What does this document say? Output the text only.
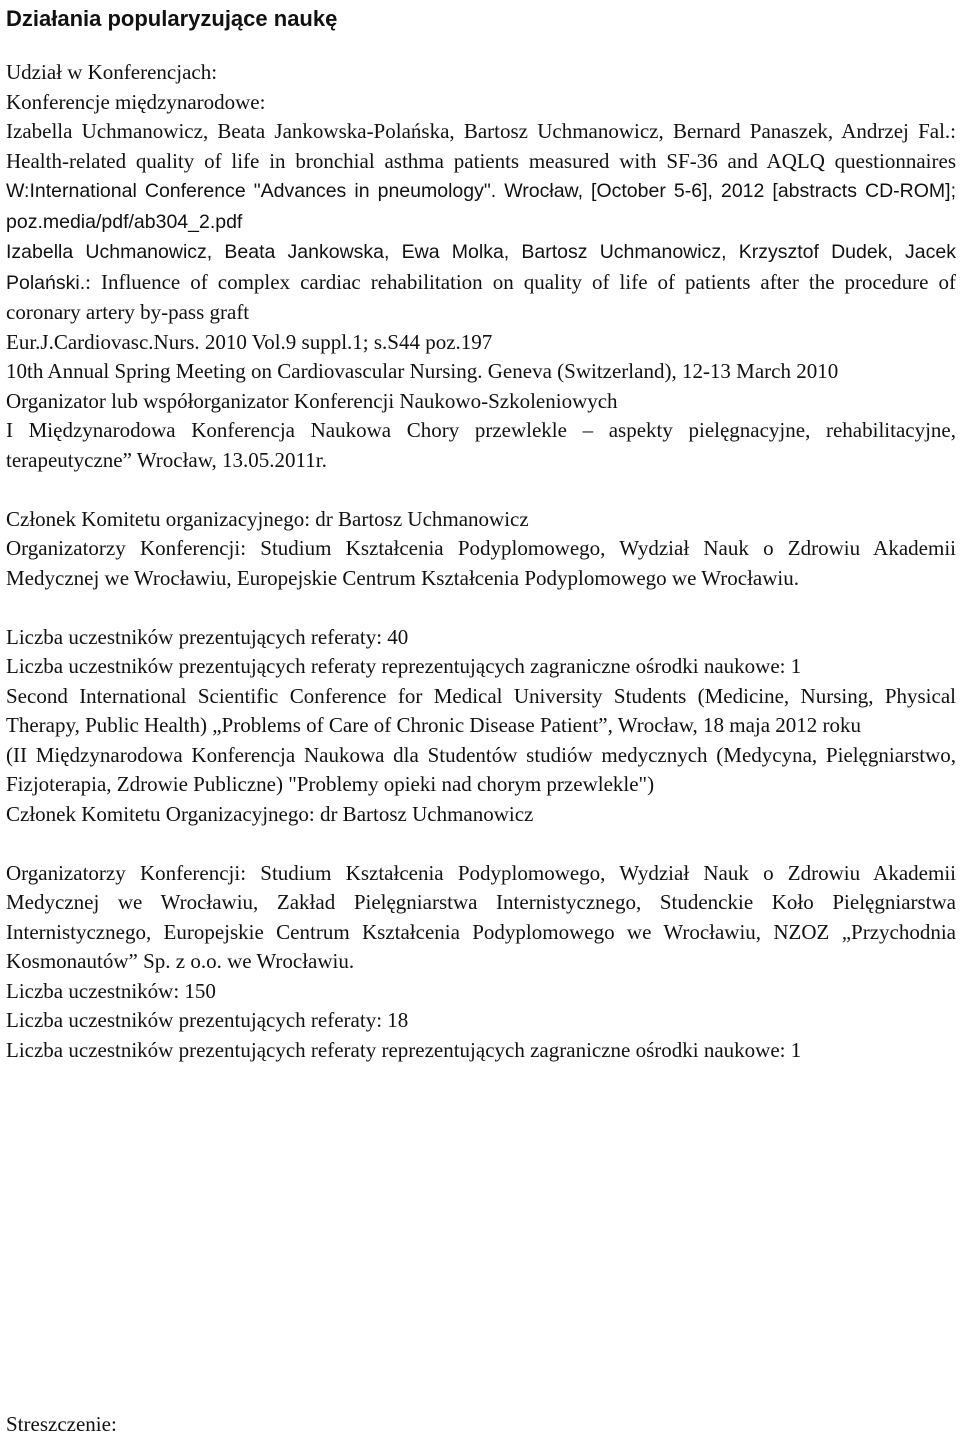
Działania popularyzujące naukę

Udział w Konferencjach:

Konferencje międzynarodowe:

Izabella Uchmanowicz, Beata Jankowska-Polańska, Bartosz Uchmanowicz, Bernard Panaszek, Andrzej Fal.: Health-related quality of life in bronchial asthma patients measured with SF-36 and AQLQ questionnaires W:International Conference "Advances in pneumology". Wrocław, [October 5-6], 2012 [abstracts CD-ROM]; poz.media/pdf/ab304_2.pdf

Izabella Uchmanowicz, Beata Jankowska, Ewa Molka, Bartosz Uchmanowicz, Krzysztof Dudek, Jacek Polański.: Influence of complex cardiac rehabilitation on quality of life of patients after the procedure of coronary artery by-pass graft

Eur.J.Cardiovasc.Nurs. 2010 Vol.9 suppl.1; s.S44 poz.197

10th Annual Spring Meeting on Cardiovascular Nursing. Geneva (Switzerland), 12-13 March 2010

Organizator lub współorganizator Konferencji Naukowo-Szkoleniowych

I Międzynarodowa Konferencja Naukowa Chory przewlekle – aspekty pielęgnacyjne, rehabilitacyjne, terapeutyczne” Wrocław, 13.05.2011r.

Członek Komitetu organizacyjnego: dr Bartosz Uchmanowicz

Organizatorzy Konferencji: Studium Kształcenia Podyplomowego, Wydział Nauk o Zdrowiu Akademii Medycznej we Wrocławiu, Europejskie Centrum Kształcenia Podyplomowego we Wrocławiu.

Liczba uczestników prezentujących referaty: 40

Liczba uczestników prezentujących referaty reprezentujących zagraniczne ośrodki naukowe: 1

Second International Scientific Conference for Medical University Students (Medicine, Nursing, Physical Therapy, Public Health) „Problems of Care of Chronic Disease Patient”, Wrocław, 18 maja 2012 roku

(II Międzynarodowa Konferencja Naukowa dla Studentów studiów medycznych (Medycyna, Pielęgniarstwo, Fizjoterapia, Zdrowie Publiczne) "Problemy opieki nad chorym przewlekle")

Członek Komitetu Organizacyjnego: dr Bartosz Uchmanowicz

Organizatorzy Konferencji: Studium Kształcenia Podyplomowego, Wydział Nauk o Zdrowiu Akademii Medycznej we Wrocławiu, Zakład Pielęgniarstwa Internistycznego, Studenckie Koło Pielęgniarstwa Internistycznego, Europejskie Centrum Kształcenia Podyplomowego we Wrocławiu, NZOZ „Przychodnia Kosmonautów” Sp. z o.o. we Wrocławiu.

Liczba uczestników: 150

Liczba uczestników prezentujących referaty: 18

Liczba uczestników prezentujących referaty reprezentujących zagraniczne ośrodki naukowe: 1

Streszczenie:
